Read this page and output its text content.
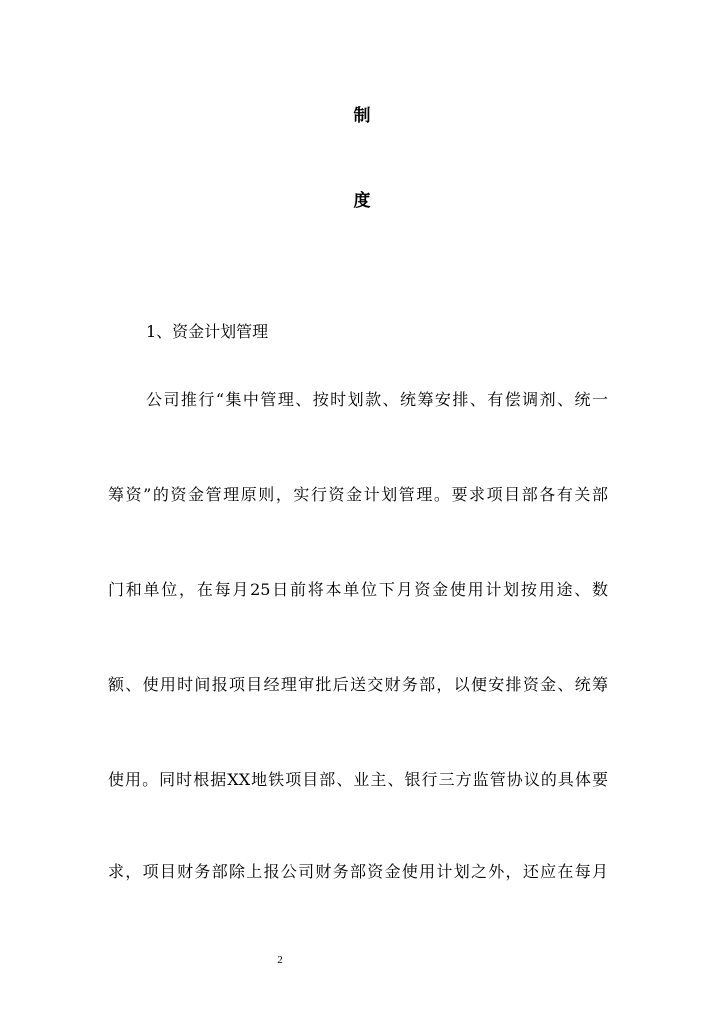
制
度
1、资金计划管理
公司推行“集中管理、按时划款、统筹安排、有偿调剂、统一
筹资”的资金管理原则，实行资金计划管理。要求项目部各有关部
门和单位，在每月25日前将本单位下月资金使用计划按用途、数
额、使用时间报项目经理审批后送交财务部，以便安排资金、统筹
使用。同时根据XX地铁项目部、业主、银行三方监管协议的具体要
求，项目财务部除上报公司财务部资金使用计划之外，还应在每月
2
